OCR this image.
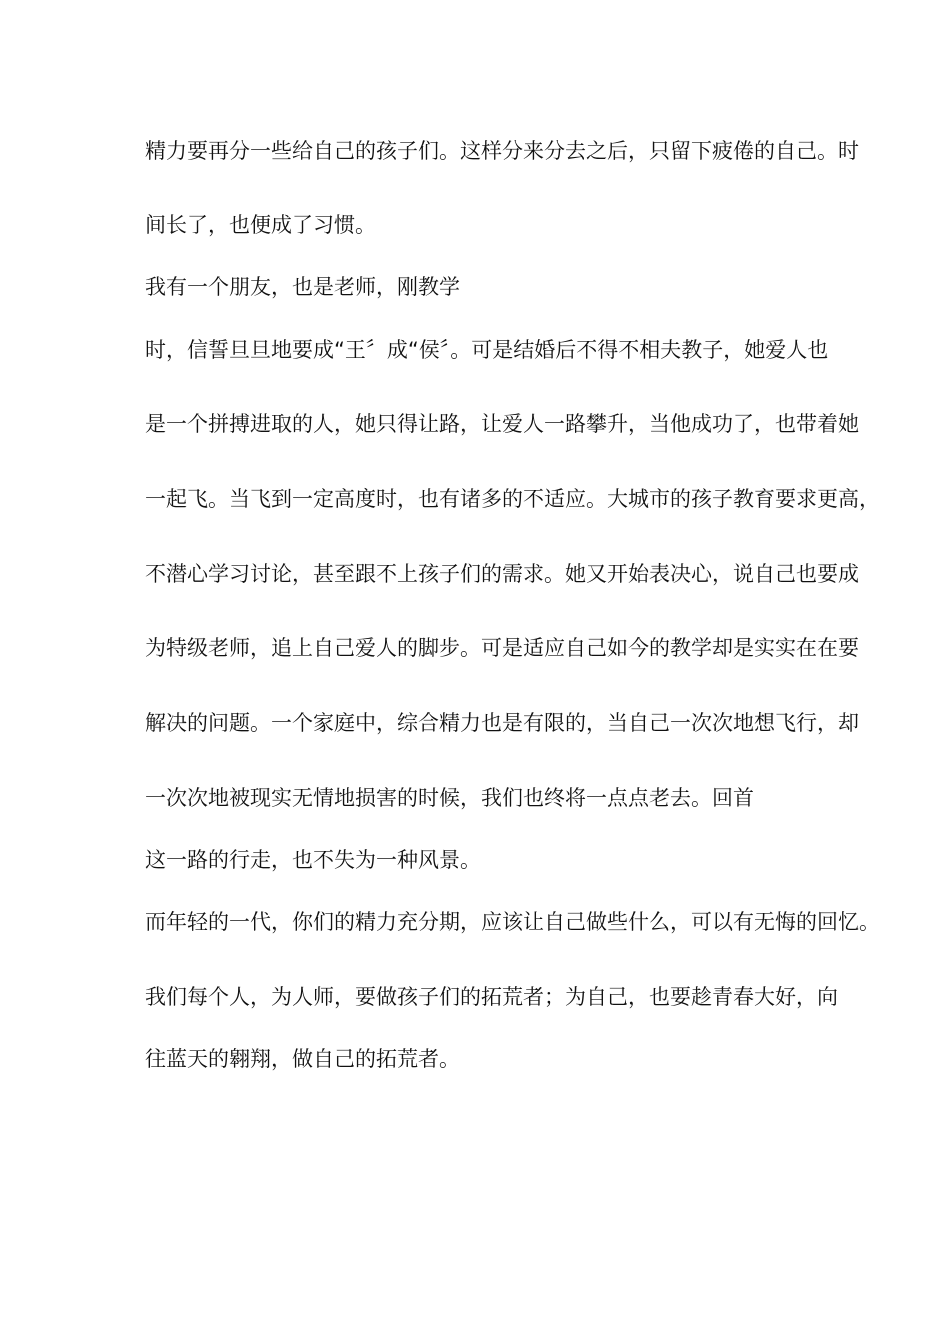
精力要再分一些给自己的孩子们。这样分来分去之后，只留下疲倦的自己。时

间长了，也便成了习惯。

我有一个朋友，也是老师，刚教学

时，信誓旦旦地要成“王〞成“侯〞。可是结婚后不得不相夫教子，她爱人也

是一个拼搏进取的人，她只得让路，让爱人一路攀升，当他成功了，也带着她

一起飞。当飞到一定高度时，也有诸多的不适应。大城市的孩子教育要求更高，

不潜心学习讨论，甚至跟不上孩子们的需求。她又开始表决心，说自己也要成

为特级老师，追上自己爱人的脚步。可是适应自己如今的教学却是实实在在要

解决的问题。一个家庭中，综合精力也是有限的，当自己一次次地想飞行，却

一次次地被现实无情地损害的时候，我们也终将一点点老去。回首

这一路的行走，也不失为一种风景。

而年轻的一代，你们的精力充分期，应该让自己做些什么，可以有无悔的回忆。

我们每个人，为人师，要做孩子们的拓荒者；为自己，也要趁青春大好，向

往蓝天的翱翔，做自己的拓荒者。
